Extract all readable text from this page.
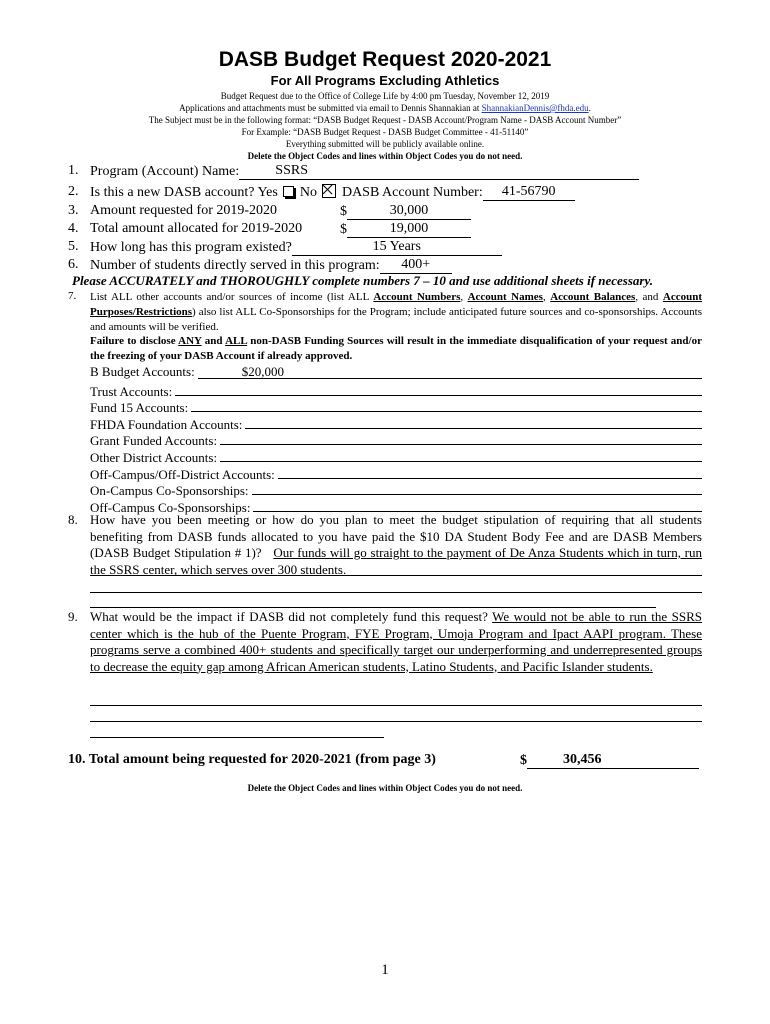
DASB Budget Request 2020-2021
For All Programs Excluding Athletics
Budget Request due to the Office of College Life by 4:00 pm Tuesday, November 12, 2019
Applications and attachments must be submitted via email to Dennis Shannakian at ShannakianDennis@fhda.edu.
The Subject must be in the following format: “DASB Budget Request - DASB Account/Program Name - DASB Account Number”
For Example: “DASB Budget Request - DASB Budget Committee - 41-51140”
Everything submitted will be publicly available online.
Delete the Object Codes and lines within Object Codes you do not need.
1. Program (Account) Name:	SSRS
2. Is this a new DASB account? Yes No DASB Account Number: 41-56790
3. Amount requested for 2019-2020	$	30,000
4. Total amount allocated for 2019-2020	$	19,000
5. How long has this program existed?	15 Years
6. Number of students directly served in this program: 400+
Please ACCURATELY and THOROUGHLY complete numbers 7 – 10 and use additional sheets if necessary.
7. List ALL other accounts and/or sources of income (list ALL Account Numbers, Account Names, Account Balances, and Account Purposes/Restrictions) also list ALL Co-Sponsorships for the Program; include anticipated future sources and co-sponsorships. Accounts and amounts will be verified.
Failure to disclose ANY and ALL non-DASB Funding Sources will result in the immediate disqualification of your request and/or the freezing of your DASB Account if already approved.
B Budget Accounts:	$20,000
Trust Accounts:
Fund 15 Accounts:
FHDA Foundation Accounts:
Grant Funded Accounts:
Other District Accounts:
Off-Campus/Off-District Accounts:
On-Campus Co-Sponsorships:
Off-Campus Co-Sponsorships:
8. How have you been meeting or how do you plan to meet the budget stipulation of requiring that all students benefiting from DASB funds allocated to you have paid the $10 DA Student Body Fee and are DASB Members (DASB Budget Stipulation # 1)? Our funds will go straight to the payment of De Anza Students which in turn, run the SSRS center, which serves over 300 students.
9. What would be the impact if DASB did not completely fund this request? We would not be able to run the SSRS center which is the hub of the Puente Program, FYE Program, Umoja Program and Ipact AAPI program. These programs serve a combined 400+ students and specifically target our underperforming and underrepresented groups to decrease the equity gap among African American students, Latino Students, and Pacific Islander students.
10. Total amount being requested for 2020-2021 (from page 3)	$	30,456
Delete the Object Codes and lines within Object Codes you do not need.
1
